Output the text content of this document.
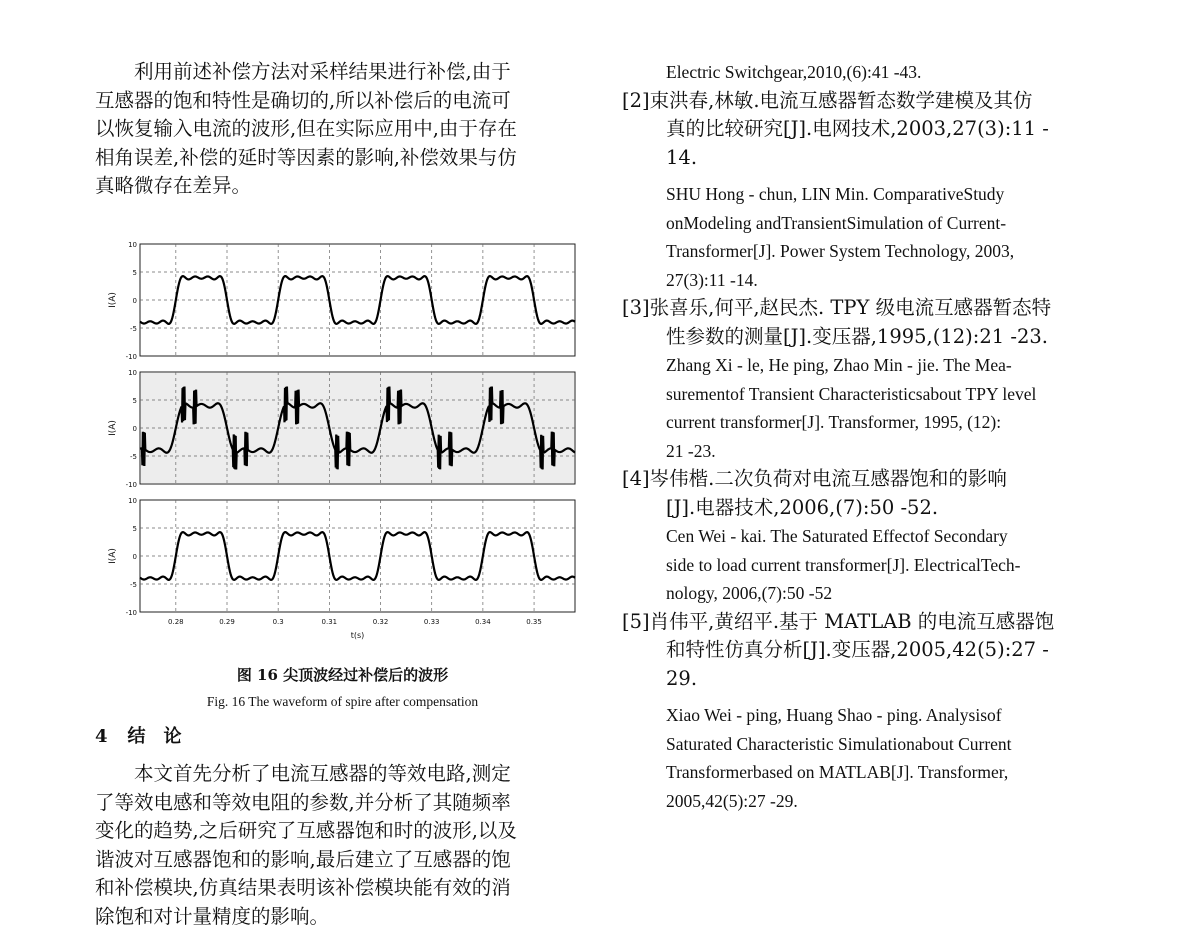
利用前述补偿方法对采样结果进行补偿,由于
互感器的饱和特性是确切的,所以补偿后的电流可
以恢复输入电流的波形,但在实际应用中,由于存在
相角误差,补偿的延时等因素的影响,补偿效果与仿
真略微存在差异。
10
5
0
-5
-10
I(A)
10
5
0
-5
-10
I(A)
10
5
0
-5
-10
I(A)
0.28	0.29	0.3	0.31	0.32	0.33	0.34	0.35
t(s)
图 16 尖顶波经过补偿后的波形
Fig. 16 The waveform of spire after compensation
4 结 论
本文首先分析了电流互感器的等效电路,测定
了等效电感和等效电阻的参数,并分析了其随频率
变化的趋势,之后研究了互感器饱和时的波形,以及
谐波对互感器饱和的影响,最后建立了互感器的饱
和补偿模块,仿真结果表明该补偿模块能有效的消
除饱和对计量精度的影响。
Electric Switchgear,2010,(6):41 -43.
[2]束洪春,林敏.电流互感器暂态数学建模及其仿
真的比较研究[J].电网技术,2003,27(3):11 -
14.
SHU Hong - chun, LIN Min. ComparativeStudy
onModeling andTransientSimulation of Current-
Transformer[J]. Power System Technology, 2003,
27(3):11 -14.
[3]张喜乐,何平,赵民杰. TPY 级电流互感器暂态特
性参数的测量[J].变压器,1995,(12):21 -23.
Zhang Xi - le, He ping, Zhao Min - jie. The Mea-
surementof Transient Characteristicsabout TPY level
current transformer[J]. Transformer, 1995, (12):
21 -23.
[4]岑伟楷.二次负荷对电流互感器饱和的影响
[J].电器技术,2006,(7):50 -52.
Cen Wei - kai. The Saturated Effectof Secondary
side to load current transformer[J]. ElectricalTech-
nology, 2006,(7):50 -52
[5]肖伟平,黄绍平.基于 MATLAB 的电流互感器饱
和特性仿真分析[J].变压器,2005,42(5):27 -
29.
Xiao Wei - ping, Huang Shao - ping. Analysisof
Saturated Characteristic Simulationabout Current
Transformerbased on MATLAB[J]. Transformer,
2005,42(5):27 -29.
